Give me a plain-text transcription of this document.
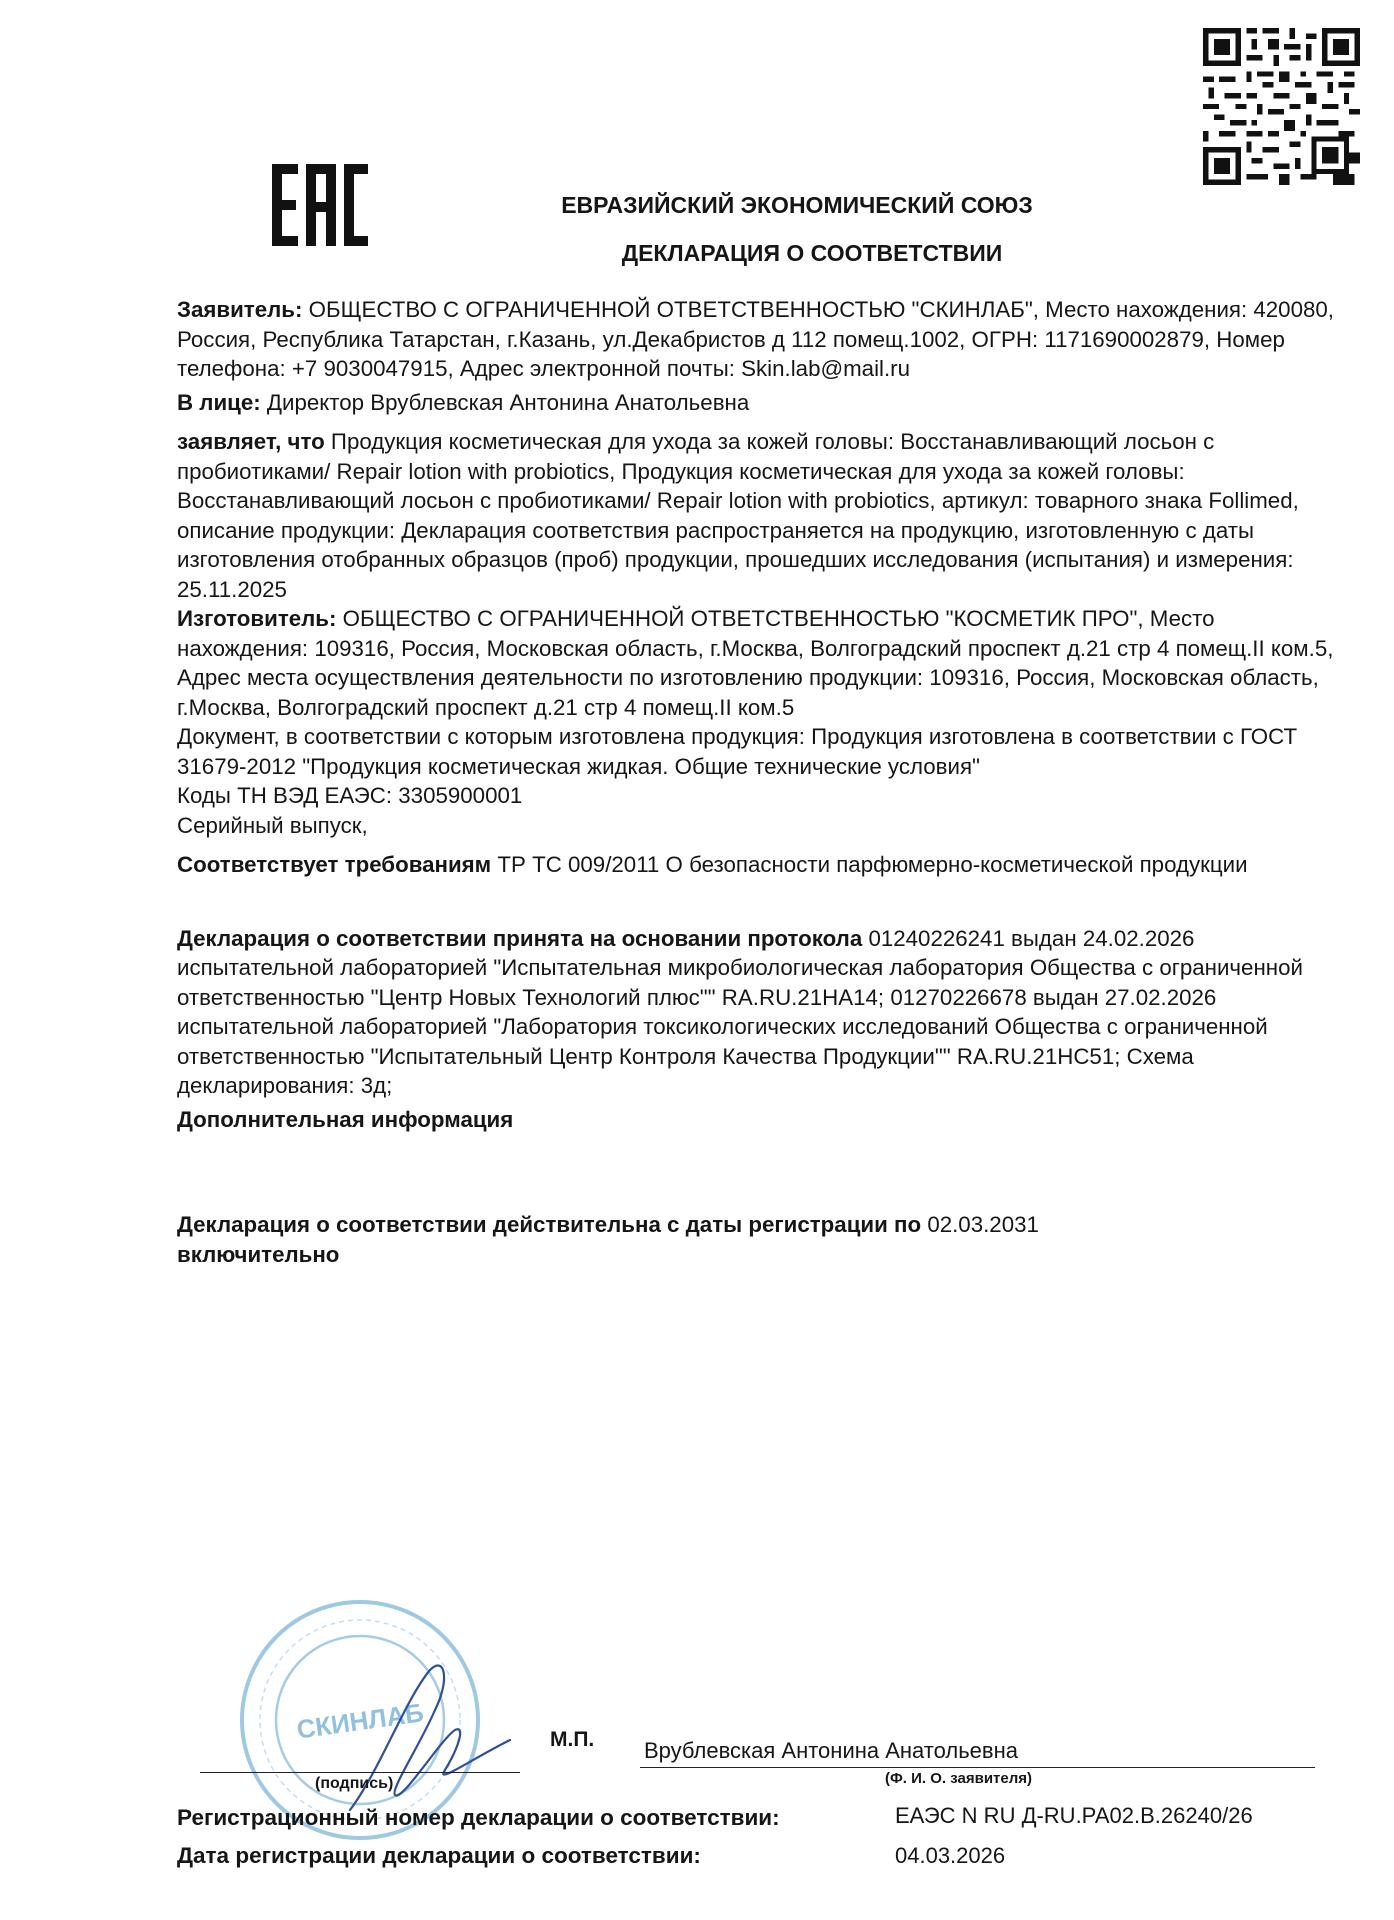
ЕВРАЗИЙСКИЙ ЭКОНОМИЧЕСКИЙ СОЮЗ
ДЕКЛАРАЦИЯ О СООТВЕТСТВИИ

Заявитель: ОБЩЕСТВО С ОГРАНИЧЕННОЙ ОТВЕТСТВЕННОСТЬЮ "СКИНЛАБ", Место нахождения: 420080, Россия, Республика Татарстан, г.Казань, ул.Декабристов д 112 помещ.1002, ОГРН: 1171690002879, Номер телефона: +7 9030047915, Адрес электронной почты: Skin.lab@mail.ru

В лице: Директор Врублевская Антонина Анатольевна

заявляет, что Продукция косметическая для ухода за кожей головы: Восстанавливающий лосьон с пробиотиками/ Repair lotion with probiotics, Продукция косметическая для ухода за кожей головы: Восстанавливающий лосьон с пробиотиками/ Repair lotion with probiotics, артикул: товарного знака Follimed, описание продукции: Декларация соответствия распространяется на продукцию, изготовленную с даты изготовления отобранных образцов (проб) продукции, прошедших исследования (испытания) и измерения: 25.11.2025

Изготовитель: ОБЩЕСТВО С ОГРАНИЧЕННОЙ ОТВЕТСТВЕННОСТЬЮ "КОСМЕТИК ПРО", Место нахождения: 109316, Россия, Московская область, г.Москва, Волгоградский проспект д.21 стр 4 помещ.II ком.5, Адрес места осуществления деятельности по изготовлению продукции: 109316, Россия, Московская область, г.Москва, Волгоградский проспект д.21 стр 4 помещ.II ком.5

Документ, в соответствии с которым изготовлена продукция: Продукция изготовлена в соответствии с ГОСТ 31679-2012 "Продукция косметическая жидкая. Общие технические условия"

Коды ТН ВЭД ЕАЭС: 3305900001

Серийный выпуск,

Соответствует требованиям ТР ТС 009/2011 О безопасности парфюмерно-косметической продукции

Декларация о соответствии принята на основании протокола 01240226241 выдан 24.02.2026 испытательной лабораторией "Испытательная микробиологическая лаборатория Общества с ограниченной ответственностью "Центр Новых Технологий плюс"" RA.RU.21НА14; 01270226678 выдан 27.02.2026 испытательной лабораторией "Лаборатория токсикологических исследований Общества с ограниченной ответственностью "Испытательный Центр Контроля Качества Продукции"" RA.RU.21НС51; Схема декларирования: 3д;

Дополнительная информация

Декларация о соответствии действительна с даты регистрации по 02.03.2031
включительно

СКИНЛАБ
(подпись)
М.П. Врублевская Антонина Анатольевна
(Ф. И. О. заявителя)
Регистрационный номер декларации о соответствии:	ЕАЭС N RU Д-RU.РА02.В.26240/26
Дата регистрации декларации о соответствии:	04.03.2026
